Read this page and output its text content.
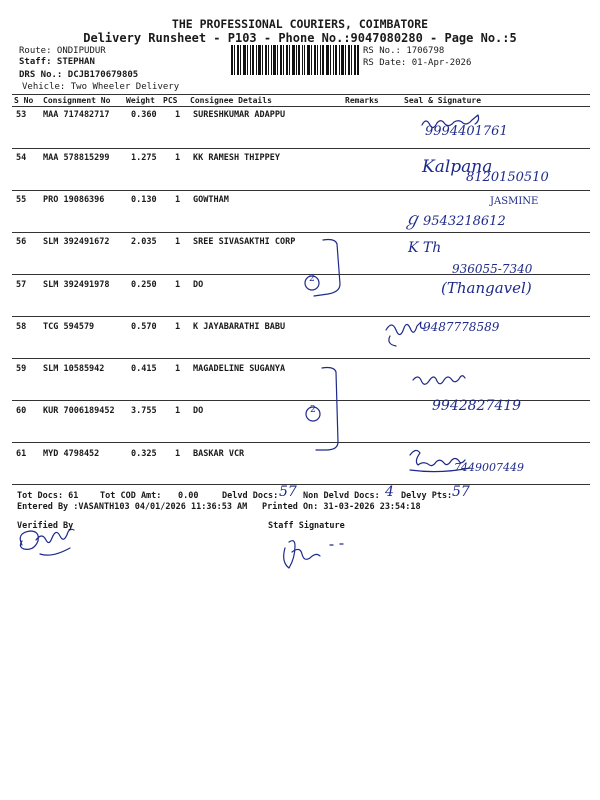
THE PROFESSIONAL COURIERS, COIMBATORE
Delivery Runsheet - P103 - Phone No.:9047080280 - Page No.:5
Route: ONDIPUDUR
Staff: STEPHAN
DRS No.: DCJB170679805
Vehicle: Two Wheeler Delivery
RS No.: 1706798
RS Date: 01-Apr-2026
S No Consignment No Weight PCS Consignee Details	Remarks	Seal & Signature
53 MAA 717482717	0.360 1 SURESHKUMAR ADAPPU
54 MAA 578815299	1.275 1 KK RAMESH THIPPEY
55 PRO 19086396	0.130 1 GOWTHAM
56 SLM 392491672	2.035 1 SREE SIVASAKTHI CORP
57 SLM 392491978	0.250 1 DO
58 TCG 594579	0.570 1 K JAYABARATHI BABU
59 SLM 10585942	0.415 1 MAGADELINE SUGANYA
60 KUR 7006189452 3.755 1 DO
61 MYD 4798452	0.325 1 BASKAR VCR
9994401761
Kalpana
8120150510
JASMINE
ℊ 9543218612
K Th
936055-7340
(Thangavel)
9487778589
9942827419
7449007449
2
2
Tot Docs: 61	Tot COD Amt: 0.00	Delvd Docs: 57 Non Delvd Docs: 4 Delvy Pts: 57
Entered By :VASANTH103 04/01/2026 11:36:53 AM Printed On: 31-03-2026 23:54:18
Verified By	Staff Signature
